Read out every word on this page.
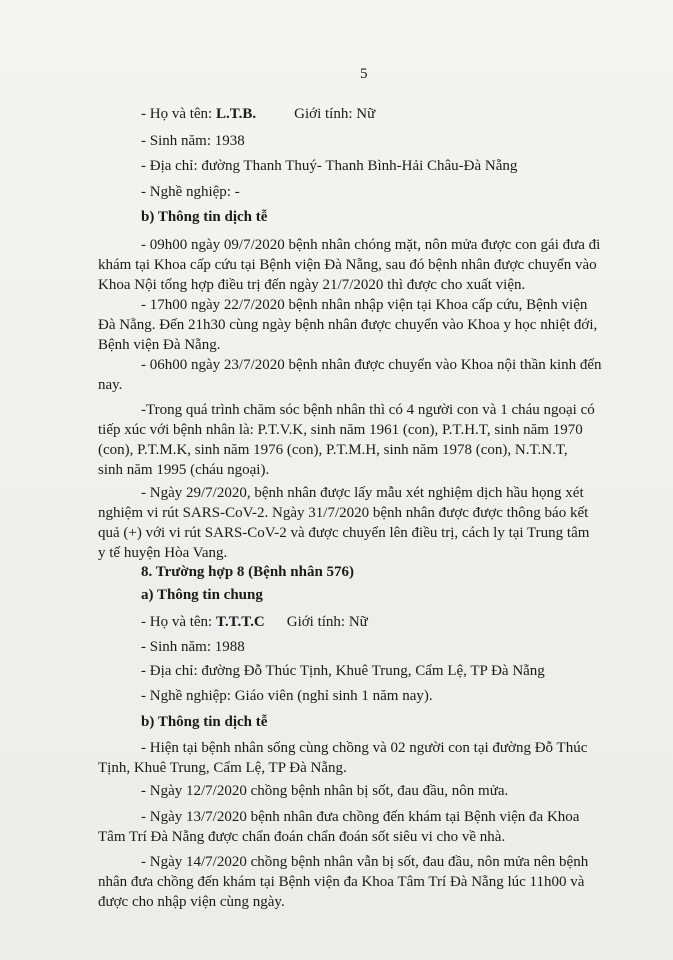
5
- Họ và tên: L.T.B.	Giới tính: Nữ
- Sinh năm: 1938
- Địa chỉ: đường Thanh Thuý- Thanh Bình-Hải Châu-Đà Nẵng
- Nghề nghiệp: -
b) Thông tin dịch tễ
- 09h00 ngày 09/7/2020 bệnh nhân chóng mặt, nôn mửa được con gái đưa đi
khám tại Khoa cấp cứu tại Bệnh viện Đà Nẵng, sau đó bệnh nhân được chuyển vào
Khoa Nội tổng hợp điều trị đến ngày 21/7/2020 thì được cho xuất viện.
- 17h00 ngày 22/7/2020 bệnh nhân nhập viện tại Khoa cấp cứu, Bệnh viện
Đà Nẵng. Đến 21h30 cùng ngày bệnh nhân được chuyển vào Khoa y học nhiệt đới,
Bệnh viện Đà Nẵng.
- 06h00 ngày 23/7/2020 bệnh nhân được chuyển vào Khoa nội thần kinh đến
nay.
-Trong quá trình chăm sóc bệnh nhân thì có 4 người con và 1 cháu ngoại có
tiếp xúc với bệnh nhân là: P.T.V.K, sinh năm 1961 (con), P.T.H.T, sinh năm 1970
(con), P.T.M.K, sinh năm 1976 (con), P.T.M.H, sinh năm 1978 (con), N.T.N.T,
sinh năm 1995 (cháu ngoại).
- Ngày 29/7/2020, bệnh nhân được lấy mẫu xét nghiệm dịch hầu họng xét
nghiệm vi rút SARS-CoV-2. Ngày 31/7/2020 bệnh nhân được được thông báo kết
quả (+) với vi rút SARS-CoV-2 và được chuyển lên điều trị, cách ly tại Trung tâm
y tế huyện Hòa Vang.
8. Trường hợp 8 (Bệnh nhân 576)
a) Thông tin chung
- Họ và tên: T.T.T.C Giới tính: Nữ
- Sinh năm: 1988
- Địa chỉ: đường Đỗ Thúc Tịnh, Khuê Trung, Cẩm Lệ, TP Đà Nẵng
- Nghề nghiệp: Giáo viên (nghỉ sinh 1 năm nay).
b) Thông tin dịch tễ
- Hiện tại bệnh nhân sống cùng chồng và 02 người con tại đường Đỗ Thúc
Tịnh, Khuê Trung, Cẩm Lệ, TP Đà Nẵng.
- Ngày 12/7/2020 chồng bệnh nhân bị sốt, đau đầu, nôn mửa.
- Ngày 13/7/2020 bệnh nhân đưa chồng đến khám tại Bệnh viện đa Khoa
Tâm Trí Đà Nẵng được chẩn đoán chẩn đoán sốt siêu vi cho về nhà.
- Ngày 14/7/2020 chồng bệnh nhân vẫn bị sốt, đau đầu, nôn mửa nên bệnh
nhân đưa chồng đến khám tại Bệnh viện đa Khoa Tâm Trí Đà Nẵng lúc 11h00 và
được cho nhập viện cùng ngày.
